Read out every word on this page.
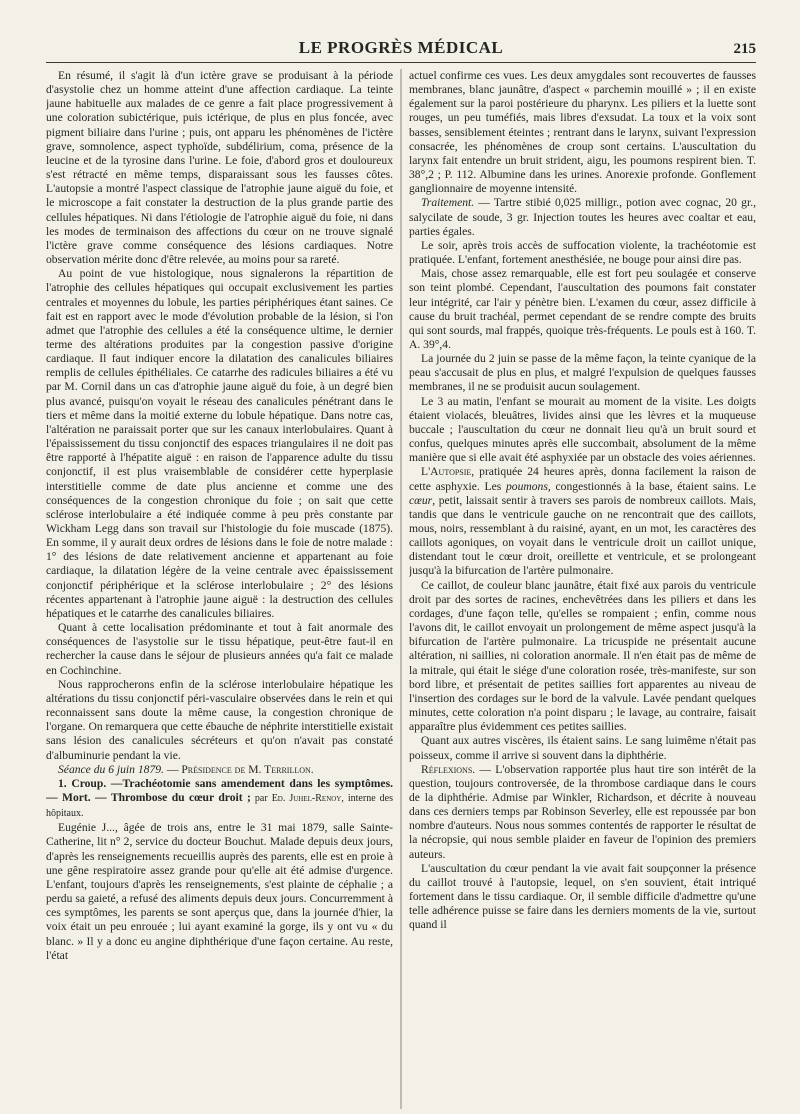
LE PROGRÈS MÉDICAL	215

En résumé, il s'agit là d'un ictère grave se produisant à la période d'asystolie chez un homme atteint d'une affection cardiaque. La teinte jaune habituelle aux malades de ce genre a fait place progressivement à une coloration subictérique, puis ictérique, de plus en plus foncée, avec pigment biliaire dans l'urine ; puis, ont apparu les phénomènes de l'ictère grave, somnolence, aspect typhoïde, subdélirium, coma, présence de la leucine et de la tyrosine dans l'urine. Le foie, d'abord gros et douloureux s'est rétracté en même temps, disparaissant sous les fausses côtes. L'autopsie a montré l'aspect classique de l'atrophie jaune aiguë du foie, et le microscope a fait constater la destruction de la plus grande partie des cellules hépatiques. Ni dans l'étiologie de l'atrophie aiguë du foie, ni dans les modes de terminaison des affections du cœur on ne trouve signalé l'ictère grave comme conséquence des lésions cardiaques. Notre observation mérite donc d'être relevée, au moins pour sa rareté.

Au point de vue histologique, nous signalerons la répartition de l'atrophie des cellules hépatiques qui occupait exclusivement les parties centrales et moyennes du lobule, les parties périphériques étant saines. Ce fait est en rapport avec le mode d'évolution probable de la lésion, si l'on admet que l'atrophie des cellules a été la conséquence ultime, le dernier terme des altérations produites par la congestion passive d'origine cardiaque. Il faut indiquer encore la dilatation des canalicules biliaires remplis de cellules épithéliales. Ce catarrhe des radicules biliaires a été vu par M. Cornil dans un cas d'atrophie jaune aiguë du foie, à un degré bien plus avancé, puisqu'on voyait le réseau des canalicules pénétrant dans le tiers et même dans la moitié externe du lobule hépatique. Dans notre cas, l'altération ne paraissait porter que sur les canaux interlobulaires. Quant à l'épaississement du tissu conjonctif des espaces triangulaires il ne doit pas être rapporté à l'hépatite aiguë : en raison de l'apparence adulte du tissu conjonctif, il est plus vraisemblable de considérer cette hyperplasie interstitielle comme de date plus ancienne et comme une des conséquences de la congestion chronique du foie ; on sait que cette sclérose interlobulaire a été indiquée comme à peu près constante par Wickham Legg dans son travail sur l'histologie du foie muscade (1875). En somme, il y aurait deux ordres de lésions dans le foie de notre malade : 1° des lésions de date relativement ancienne et appartenant au foie cardiaque, la dilatation légère de la veine centrale avec épaississement conjonctif périphérique et la sclérose interlobulaire ; 2° des lésions récentes appartenant à l'atrophie jaune aiguë : la destruction des cellules hépatiques et le catarrhe des canalicules biliaires.

Quant à cette localisation prédominante et tout à fait anormale des conséquences de l'asystolie sur le tissu hépatique, peut-être faut-il en rechercher la cause dans le séjour de plusieurs années qu'a fait ce malade en Cochinchine.

Nous rapprocherons enfin de la sclérose interlobulaire hépatique les altérations du tissu conjonctif péri-vasculaire observées dans le rein et qui reconnaissent sans doute la même cause, la congestion chronique de l'organe. On remarquera que cette ébauche de néphrite interstitielle existait sans lésion des canalicules sécréteurs et qu'on n'avait pas constaté d'albuminurie pendant la vie.

Séance du 6 juin 1879. — Présidence de M. Terrillon.

1. Croup. —Trachéotomie sans amendement dans les symptômes. — Mort. — Thrombose du cœur droit ; par Ed. Juhel-Renoy, interne des hôpitaux.

Eugénie J..., âgée de trois ans, entre le 31 mai 1879, salle Sainte-Catherine, lit n° 2, service du docteur Bouchut. Malade depuis deux jours, d'après les renseignements recueillis auprès des parents, elle est en proie à une gêne respiratoire assez grande pour qu'elle ait été admise d'urgence. L'enfant, toujours d'après les renseignements, s'est plainte de céphalie ; a perdu sa gaieté, a refusé des aliments depuis deux jours. Concurremment à ces symptômes, les parents se sont aperçus que, dans la journée d'hier, la voix était un peu enrouée ; lui ayant examiné la gorge, ils y ont vu « du blanc. » Il y a donc eu angine diphthérique d'une façon certaine. Au reste, l'état

actuel confirme ces vues. Les deux amygdales sont recouvertes de fausses membranes, blanc jaunâtre, d'aspect « parchemin mouillé » ; il en existe également sur la paroi postérieure du pharynx. Les piliers et la luette sont rouges, un peu tuméfiés, mais libres d'exsudat. La toux et la voix sont basses, sensiblement éteintes ; rentrant dans le larynx, suivant l'expression consacrée, les phénomènes de croup sont certains. L'auscultation du larynx fait entendre un bruit strident, aigu, les poumons respirent bien. T. 38°,2 ; P. 112. Albumine dans les urines. Anorexie profonde. Gonflement ganglionnaire de moyenne intensité.

Traitement. — Tartre stibié 0,025 milligr., potion avec cognac, 20 gr., salycilate de soude, 3 gr. Injection toutes les heures avec coaltar et eau, parties égales.

Le soir, après trois accès de suffocation violente, la trachéotomie est pratiquée. L'enfant, fortement anesthésiée, ne bouge pour ainsi dire pas.

Mais, chose assez remarquable, elle est fort peu soulagée et conserve son teint plombé. Cependant, l'auscultation des poumons fait constater leur intégrité, car l'air y pénètre bien. L'examen du cœur, assez difficile à cause du bruit trachéal, permet cependant de se rendre compte des bruits qui sont sourds, mal frappés, quoique très-fréquents. Le pouls est à 160. T. A. 39°,4.

La journée du 2 juin se passe de la même façon, la teinte cyanique de la peau s'accusait de plus en plus, et malgré l'expulsion de quelques fausses membranes, il ne se produisit aucun soulagement.

Le 3 au matin, l'enfant se mourait au moment de la visite. Les doigts étaient violacés, bleuâtres, livides ainsi que les lèvres et la muqueuse buccale ; l'auscultation du cœur ne donnait lieu qu'à un bruit sourd et confus, quelques minutes après elle succombait, absolument de la même manière que si elle avait été asphyxiée par un obstacle des voies aériennes.

L'Autopsie, pratiquée 24 heures après, donna facilement la raison de cette asphyxie. Les poumons, congestionnés à la base, étaient sains. Le cœur, petit, laissait sentir à travers ses parois de nombreux caillots. Mais, tandis que dans le ventricule gauche on ne rencontrait que des caillots, mous, noirs, ressemblant à du raisiné, ayant, en un mot, les caractères des caillots agoniques, on voyait dans le ventricule droit un caillot unique, distendant tout le cœur droit, oreillette et ventricule, et se prolongeant jusqu'à la bifurcation de l'artère pulmonaire.

Ce caillot, de couleur blanc jaunâtre, était fixé aux parois du ventricule droit par des sortes de racines, enchevêtrées dans les piliers et dans les cordages, d'une façon telle, qu'elles se rompaient ; enfin, comme nous l'avons dit, le caillot envoyait un prolongement de même aspect jusqu'à la bifurcation de l'artère pulmonaire. La tricuspide ne présentait aucune altération, ni saillies, ni coloration anormale. Il n'en était pas de même de la mitrale, qui était le siége d'une coloration rosée, très-manifeste, sur son bord libre, et présentait de petites saillies fort apparentes au niveau de l'insertion des cordages sur le bord de la valvule. Lavée pendant quelques minutes, cette coloration n'a point disparu ; le lavage, au contraire, faisait apparaître plus évidemment ces petites saillies.

Quant aux autres viscères, ils étaient sains. Le sang luimême n'était pas poisseux, comme il arrive si souvent dans la diphthérie.

Réflexions. — L'observation rapportée plus haut tire son intérêt de la question, toujours controversée, de la thrombose cardiaque dans le cours de la diphthérie. Admise par Winkler, Richardson, et décrite à nouveau dans ces derniers temps par Robinson Severley, elle est repoussée par bon nombre d'auteurs. Nous nous sommes contentés de rapporter le résultat de la nécropsie, qui nous semble plaider en faveur de l'opinion des premiers auteurs.

L'auscultation du cœur pendant la vie avait fait soupçonner la présence du caillot trouvé à l'autopsie, lequel, on s'en souvient, était intriqué fortement dans le tissu cardiaque. Or, il semble difficile d'admettre qu'une telle adhérence puisse se faire dans les derniers moments de la vie, surtout quand il
